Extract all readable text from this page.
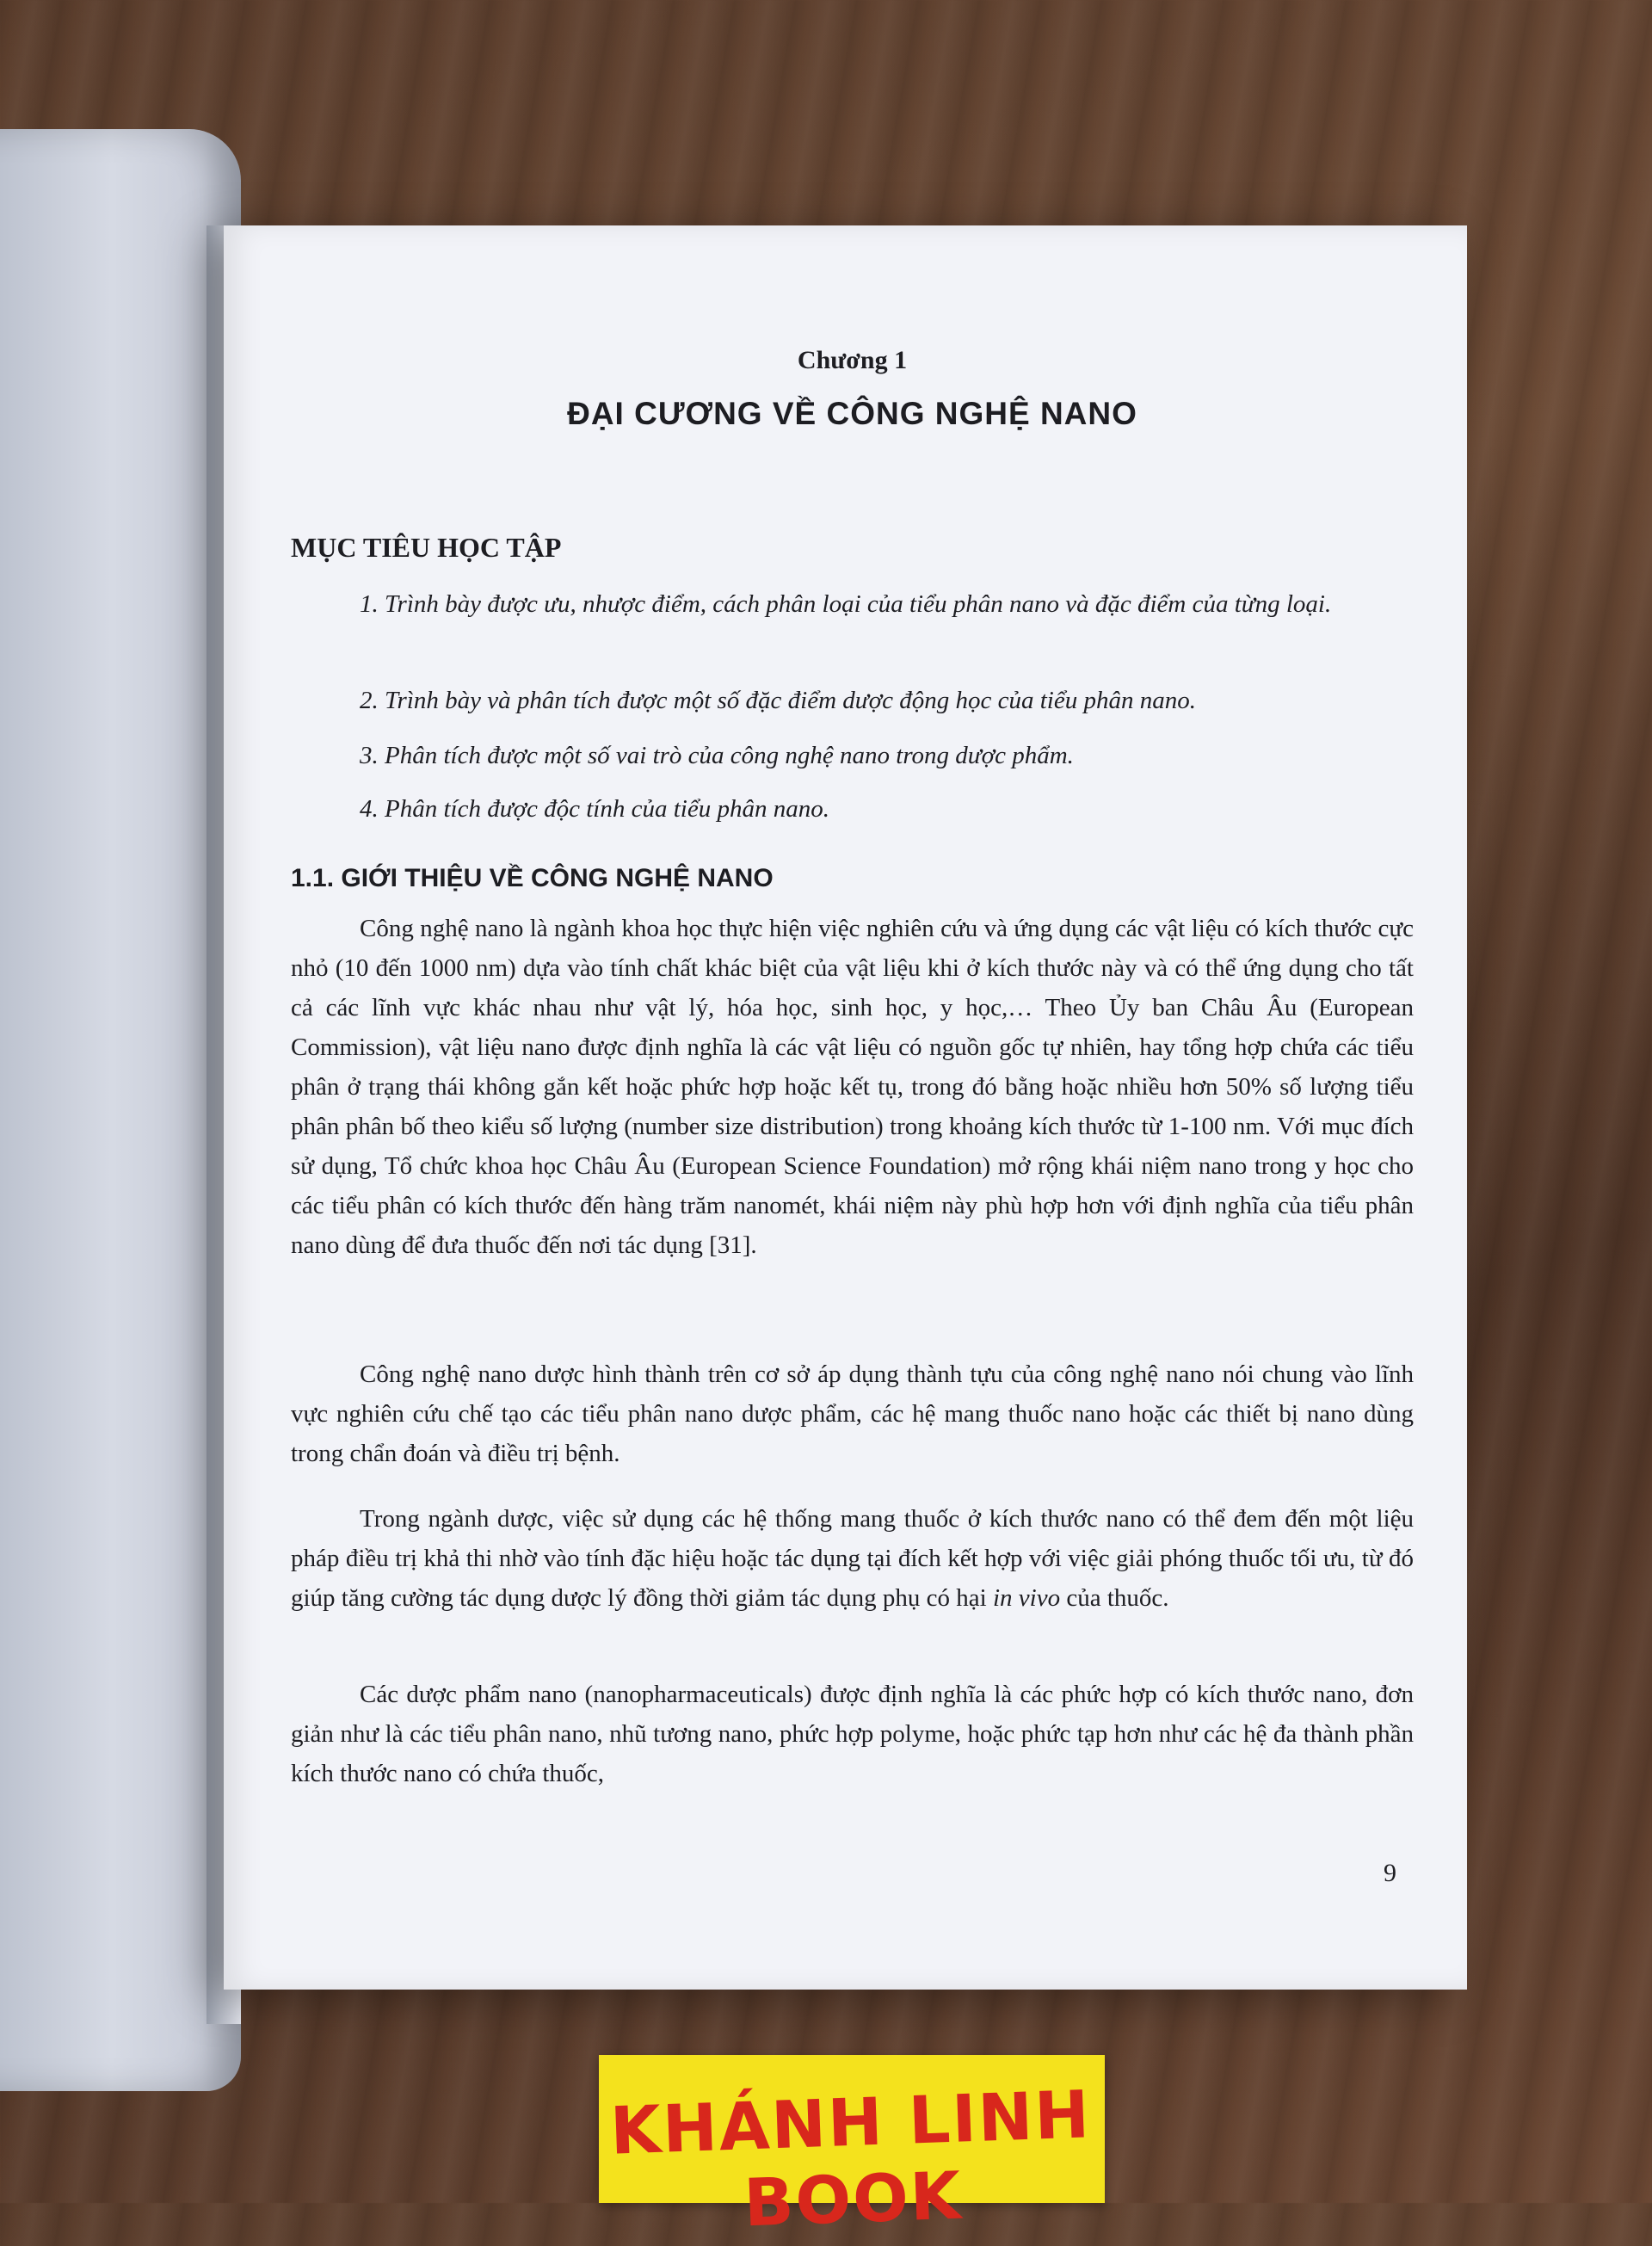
Chương 1
ĐẠI CƯƠNG VỀ CÔNG NGHỆ NANO
MỤC TIÊU HỌC TẬP
1. Trình bày được ưu, nhược điểm, cách phân loại của tiểu phân nano và đặc điểm của từng loại.
2. Trình bày và phân tích được một số đặc điểm dược động học của tiểu phân nano.
3. Phân tích được một số vai trò của công nghệ nano trong dược phẩm.
4. Phân tích được độc tính của tiểu phân nano.
1.1. GIỚI THIỆU VỀ CÔNG NGHỆ NANO
Công nghệ nano là ngành khoa học thực hiện việc nghiên cứu và ứng dụng các vật liệu có kích thước cực nhỏ (10 đến 1000 nm) dựa vào tính chất khác biệt của vật liệu khi ở kích thước này và có thể ứng dụng cho tất cả các lĩnh vực khác nhau như vật lý, hóa học, sinh học, y học,… Theo Ủy ban Châu Âu (European Commission), vật liệu nano được định nghĩa là các vật liệu có nguồn gốc tự nhiên, hay tổng hợp chứa các tiểu phân ở trạng thái không gắn kết hoặc phức hợp hoặc kết tụ, trong đó bằng hoặc nhiều hơn 50% số lượng tiểu phân phân bố theo kiểu số lượng (number size distribution) trong khoảng kích thước từ 1-100 nm. Với mục đích sử dụng, Tổ chức khoa học Châu Âu (European Science Foundation) mở rộng khái niệm nano trong y học cho các tiểu phân có kích thước đến hàng trăm nanomét, khái niệm này phù hợp hơn với định nghĩa của tiểu phân nano dùng để đưa thuốc đến nơi tác dụng [31].
Công nghệ nano dược hình thành trên cơ sở áp dụng thành tựu của công nghệ nano nói chung vào lĩnh vực nghiên cứu chế tạo các tiểu phân nano dược phẩm, các hệ mang thuốc nano hoặc các thiết bị nano dùng trong chẩn đoán và điều trị bệnh.
Trong ngành dược, việc sử dụng các hệ thống mang thuốc ở kích thước nano có thể đem đến một liệu pháp điều trị khả thi nhờ vào tính đặc hiệu hoặc tác dụng tại đích kết hợp với việc giải phóng thuốc tối ưu, từ đó giúp tăng cường tác dụng dược lý đồng thời giảm tác dụng phụ có hại in vivo của thuốc.
Các dược phẩm nano (nanopharmaceuticals) được định nghĩa là các phức hợp có kích thước nano, đơn giản như là các tiểu phân nano, nhũ tương nano, phức hợp polyme, hoặc phức tạp hơn như các hệ đa thành phần kích thước nano có chứa thuốc,
9
KHÁNH LINH BOOK
